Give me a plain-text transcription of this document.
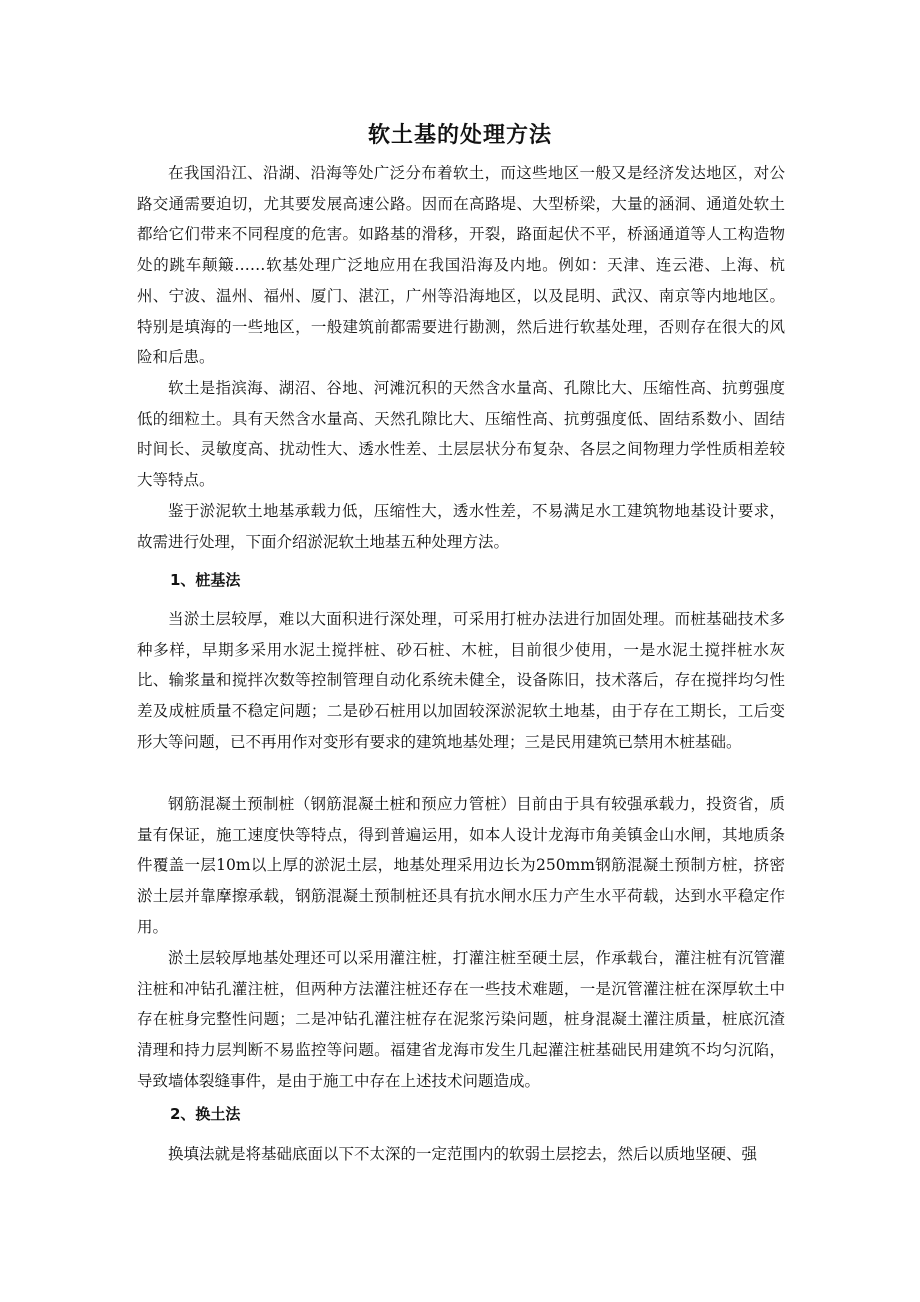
软土基的处理方法

在我国沿江、沿湖、沿海等处广泛分布着软土，而这些地区一般又是经济发达地区，对公路交通需要迫切，尤其要发展高速公路。因而在高路堤、大型桥梁，大量的涵洞、通道处软土都给它们带来不同程度的危害。如路基的滑移，开裂，路面起伏不平，桥涵通道等人工构造物处的跳车颠簸……软基处理广泛地应用在我国沿海及内地。例如：天津、连云港、上海、杭州、宁波、温州、福州、厦门、湛江，广州等沿海地区，以及昆明、武汉、南京等内地地区。特别是填海的一些地区，一般建筑前都需要进行勘测，然后进行软基处理，否则存在很大的风险和后患。

软土是指滨海、湖沼、谷地、河滩沉积的天然含水量高、孔隙比大、压缩性高、抗剪强度低的细粒土。具有天然含水量高、天然孔隙比大、压缩性高、抗剪强度低、固结系数小、固结时间长、灵敏度高、扰动性大、透水性差、土层层状分布复杂、各层之间物理力学性质相差较大等特点。

鉴于淤泥软土地基承载力低，压缩性大，透水性差，不易满足水工建筑物地基设计要求，故需进行处理，下面介绍淤泥软土地基五种处理方法。

1、桩基法

当淤土层较厚，难以大面积进行深处理，可采用打桩办法进行加固处理。而桩基础技术多种多样，早期多采用水泥土搅拌桩、砂石桩、木桩，目前很少使用，一是水泥土搅拌桩水灰比、输浆量和搅拌次数等控制管理自动化系统未健全，设备陈旧，技术落后，存在搅拌均匀性差及成桩质量不稳定问题；二是砂石桩用以加固较深淤泥软土地基，由于存在工期长，工后变形大等问题，已不再用作对变形有要求的建筑地基处理；三是民用建筑已禁用木桩基础。

钢筋混凝土预制桩（钢筋混凝土桩和预应力管桩）目前由于具有较强承载力，投资省，质量有保证，施工速度快等特点，得到普遍运用，如本人设计龙海市角美镇金山水闸，其地质条件覆盖一层10m以上厚的淤泥土层，地基处理采用边长为250mm钢筋混凝土预制方桩，挤密淤土层并靠摩擦承载，钢筋混凝土预制桩还具有抗水闸水压力产生水平荷载，达到水平稳定作用。

淤土层较厚地基处理还可以采用灌注桩，打灌注桩至硬土层，作承载台，灌注桩有沉管灌注桩和冲钻孔灌注桩，但两种方法灌注桩还存在一些技术难题，一是沉管灌注桩在深厚软土中存在桩身完整性问题；二是冲钻孔灌注桩存在泥浆污染问题，桩身混凝土灌注质量，桩底沉渣清理和持力层判断不易监控等问题。福建省龙海市发生几起灌注桩基础民用建筑不均匀沉陷，导致墙体裂缝事件，是由于施工中存在上述技术问题造成。

2、换土法

换填法就是将基础底面以下不太深的一定范围内的软弱土层挖去，然后以质地坚硬、强
